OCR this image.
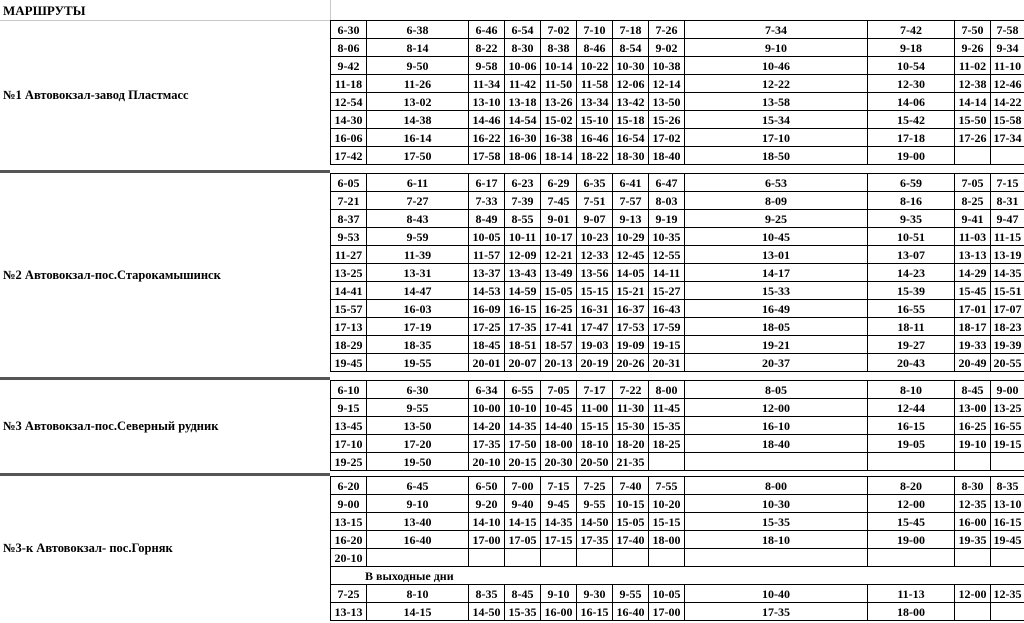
МАРШРУТЫ
№1 Автовокзал-завод Пластмасс
6-30	6-38	6-46	6-54	7-02	7-10	7-18	7-26	7-34	7-42	7-50	7-58
8-06	8-14	8-22	8-30	8-38	8-46	8-54	9-02	9-10	9-18	9-26	9-34
9-42	9-50	9-58	10-06	10-14	10-22	10-30	10-38	10-46	10-54	11-02	11-10
11-18	11-26	11-34	11-42	11-50	11-58	12-06	12-14	12-22	12-30	12-38	12-46
12-54	13-02	13-10	13-18	13-26	13-34	13-42	13-50	13-58	14-06	14-14	14-22
14-30	14-38	14-46	14-54	15-02	15-10	15-18	15-26	15-34	15-42	15-50	15-58
16-06	16-14	16-22	16-30	16-38	16-46	16-54	17-02	17-10	17-18	17-26	17-34
17-42	17-50	17-58	18-06	18-14	18-22	18-30	18-40	18-50	19-00		
№2 Автовокзал-пос.Старокамышинск
6-05	6-11	6-17	6-23	6-29	6-35	6-41	6-47	6-53	6-59	7-05	7-15
7-21	7-27	7-33	7-39	7-45	7-51	7-57	8-03	8-09	8-16	8-25	8-31
8-37	8-43	8-49	8-55	9-01	9-07	9-13	9-19	9-25	9-35	9-41	9-47
9-53	9-59	10-05	10-11	10-17	10-23	10-29	10-35	10-45	10-51	11-03	11-15
11-27	11-39	11-57	12-09	12-21	12-33	12-45	12-55	13-01	13-07	13-13	13-19
13-25	13-31	13-37	13-43	13-49	13-56	14-05	14-11	14-17	14-23	14-29	14-35
14-41	14-47	14-53	14-59	15-05	15-15	15-21	15-27	15-33	15-39	15-45	15-51
15-57	16-03	16-09	16-15	16-25	16-31	16-37	16-43	16-49	16-55	17-01	17-07
17-13	17-19	17-25	17-35	17-41	17-47	17-53	17-59	18-05	18-11	18-17	18-23
18-29	18-35	18-45	18-51	18-57	19-03	19-09	19-15	19-21	19-27	19-33	19-39
19-45	19-55	20-01	20-07	20-13	20-19	20-26	20-31	20-37	20-43	20-49	20-55
№3 Автовокзал-пос.Северный рудник
6-10	6-30	6-34	6-55	7-05	7-17	7-22	8-00	8-05	8-10	8-45	9-00
9-15	9-55	10-00	10-10	10-45	11-00	11-30	11-45	12-00	12-44	13-00	13-25
13-45	13-50	14-20	14-35	14-40	15-15	15-30	15-35	16-10	16-15	16-25	16-55
17-10	17-20	17-35	17-50	18-00	18-10	18-20	18-25	18-40	19-05	19-10	19-15
19-25	19-50	20-10	20-15	20-30	20-50	21-35					
№3-к Автовокзал- пос.Горняк
6-20	6-45	6-50	7-00	7-15	7-25	7-40	7-55	8-00	8-20	8-30	8-35
9-00	9-10	9-20	9-40	9-45	9-55	10-15	10-20	10-30	12-00	12-35	13-10
13-15	13-40	14-10	14-15	14-35	14-50	15-05	15-15	15-35	15-45	16-00	16-15
16-20	16-40	17-00	17-05	17-15	17-35	17-40	18-00	18-10	19-00	19-35	19-45
20-10											
В выходные дни											
7-25	8-10	8-35	8-45	9-10	9-30	9-55	10-05	10-40	11-13	12-00	12-35
13-13	14-15	14-50	15-35	16-00	16-15	16-40	17-00	17-35	18-00		
